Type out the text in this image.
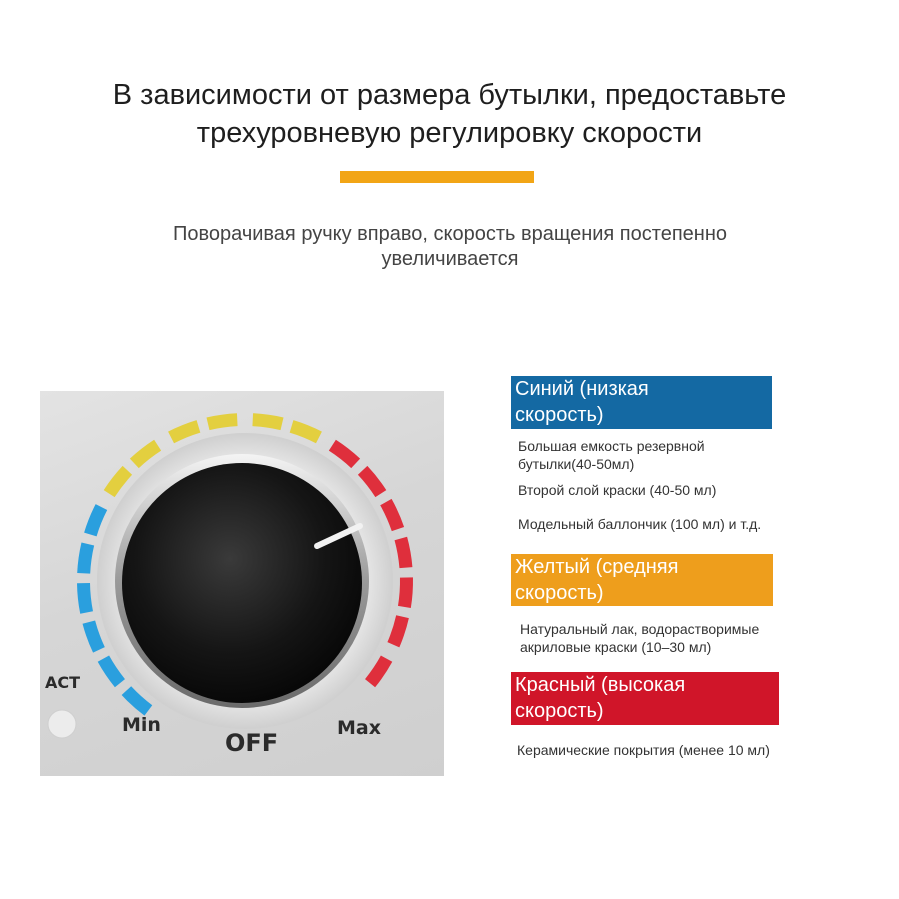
В зависимости от размера бутылки, предоставьте
трехуровневую регулировку скорости
Поворачивая ручку вправо, скорость вращения постепенно
увеличивается
ACT
Min	Max
OFF
Синий (низкая
скорость)
Большая емкость резервной
бутылки(40-50мл)
Второй слой краски (40-50 мл)
Модельный баллончик (100 мл) и т.д.
Желтый (средняя
скорость)
Натуральный лак, водорастворимые
акриловые краски (10–30 мл)
Красный (высокая
скорость)
Керамические покрытия (менее 10 мл)
